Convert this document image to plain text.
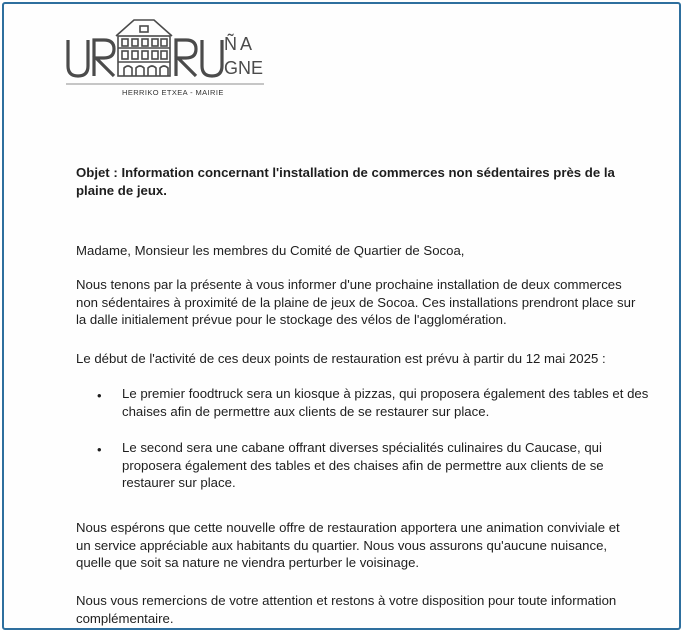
Ñ A
GNE
HERRIKO ETXEA - MAIRIE
Objet : Information concernant l'installation de commerces non sédentaires près de la plaine de jeux.
Madame, Monsieur les membres du Comité de Quartier de Socoa,
Nous tenons par la présente à vous informer d'une prochaine installation de deux commerces non sédentaires à proximité de la plaine de jeux de Socoa. Ces installations prendront place sur la dalle initialement prévue pour le stockage des vélos de l'agglomération.
Le début de l'activité de ces deux points de restauration est prévu à partir du 12 mai 2025 :
• Le premier foodtruck sera un kiosque à pizzas, qui proposera également des tables et des chaises afin de permettre aux clients de se restaurer sur place.
• Le second sera une cabane offrant diverses spécialités culinaires du Caucase, qui proposera également des tables et des chaises afin de permettre aux clients de se restaurer sur place.
Nous espérons que cette nouvelle offre de restauration apportera une animation conviviale et un service appréciable aux habitants du quartier. Nous vous assurons qu'aucune nuisance, quelle que soit sa nature ne viendra perturber le voisinage.
Nous vous remercions de votre attention et restons à votre disposition pour toute information complémentaire.
